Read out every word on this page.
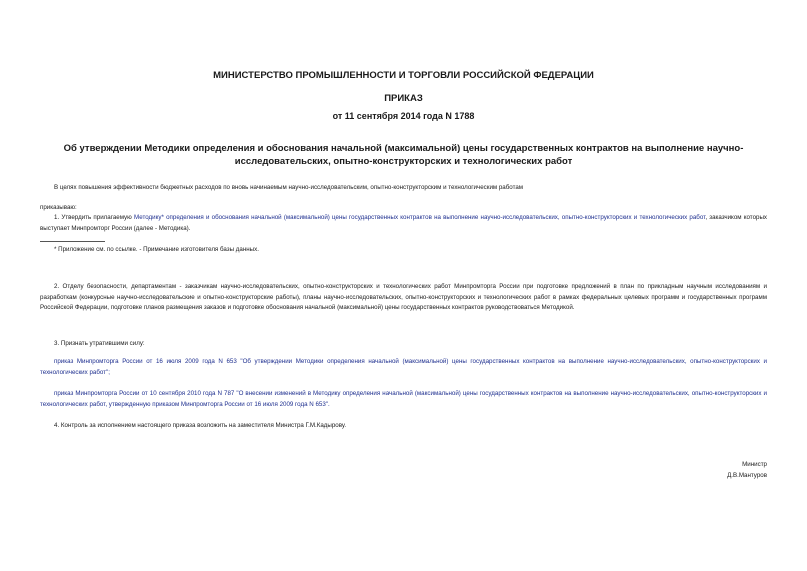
МИНИСТЕРСТВО ПРОМЫШЛЕННОСТИ И ТОРГОВЛИ РОССИЙСКОЙ ФЕДЕРАЦИИ
ПРИКАЗ
от 11 сентября 2014 года N 1788
Об утверждении Методики определения и обоснования начальной (максимальной) цены государственных контрактов на выполнение научно-исследовательских, опытно-конструкторских и технологических работ
В целях повышения эффективности бюджетных расходов по вновь начинаемым научно-исследовательским, опытно-конструкторским и технологическим работам
приказываю:
1. Утвердить прилагаемую Методику* определения и обоснования начальной (максимальной) цены государственных контрактов на выполнение научно-исследовательских, опытно-конструкторских и технологических работ, заказчиком которых выступает Минпромторг России (далее - Методика).
* Приложение см. по ссылке. - Примечание изготовителя базы данных.
2. Отделу безопасности, департаментам - заказчикам научно-исследовательских, опытно-конструкторских и технологических работ Минпромторга России при подготовке предложений в план по прикладным научным исследованиям и разработкам (конкурсные научно-исследовательские и опытно-конструкторские работы), планы научно-исследовательских, опытно-конструкторских и технологических работ в рамках федеральных целевых программ и государственных программ Российской Федерации, подготовке планов размещения заказов и подготовке обоснования начальной (максимальной) цены государственных контрактов руководствоваться Методикой.
3. Признать утратившими силу:
приказ Минпромторга России от 16 июля 2009 года N 653 "Об утверждении Методики определения начальной (максимальной) цены государственных контрактов на выполнение научно-исследовательских, опытно-конструкторских и технологических работ";
приказ Минпромторга России от 10 сентября 2010 года N 787 "О внесении изменений в Методику определения начальной (максимальной) цены государственных контрактов на выполнение научно-исследовательских, опытно-конструкторских и технологических работ, утвержденную приказом Минпромторга России от 16 июля 2009 года N 653".
4. Контроль за исполнением настоящего приказа возложить на заместителя Министра Г.М.Кадырову.
Министр
Д.В.Мантуров
